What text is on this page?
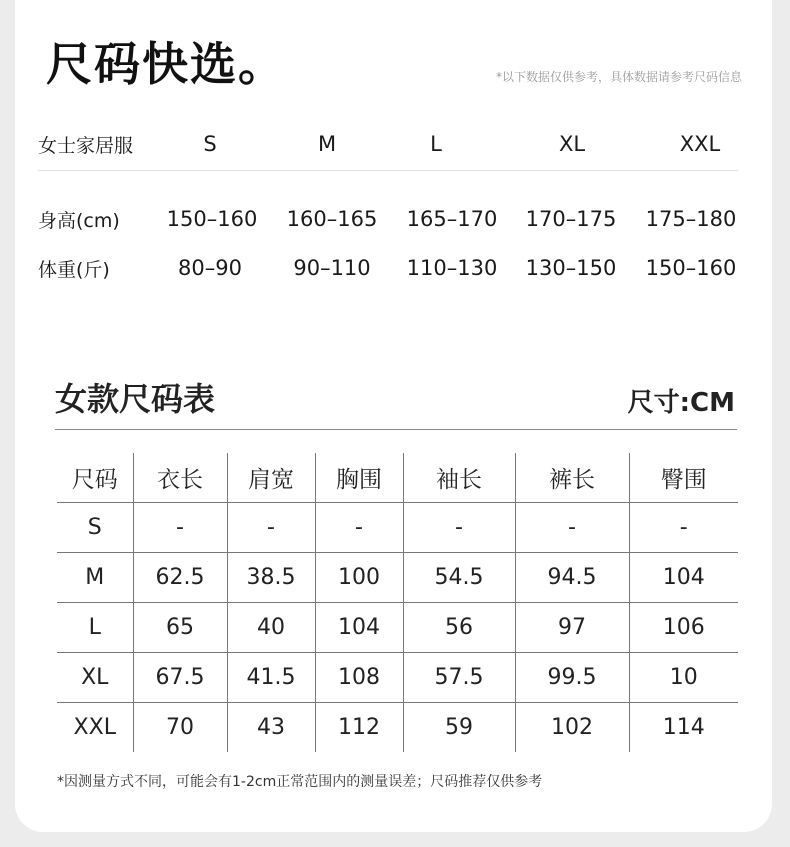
尺码快选。	*以下数据仅供参考，具体数据请参考尺码信息
女士家居服	S	M	L	XL	XXL
身高(cm)	150–160	160–165	165–170	170–175	175–180
体重(斤)	80–90	90–110	110–130	130–150	150–160
女款尺码表	尺寸:CM
尺码	衣长	肩宽	胸围	袖长	裤长	臀围
S	-	-	-	-	-	-
M	62.5	38.5	100	54.5	94.5	104
L	65	40	104	56	97	106
XL	67.5	41.5	108	57.5	99.5	10
XXL	70	43	112	59	102	114
*因测量方式不同，可能会有1-2cm正常范围内的测量误差；尺码推荐仅供参考
